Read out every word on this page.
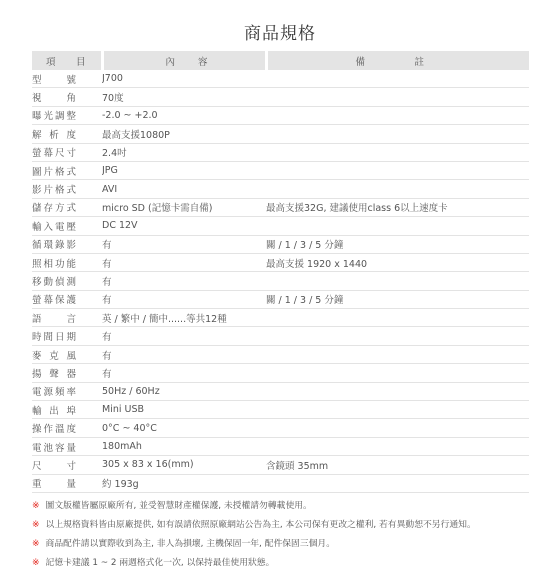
商品規格
項 目	內 容	備 註

型號	J700	
視角	70度	
曝光調整	-2.0 ~ +2.0	
解析度	最高支援1080P	
螢幕尺寸	2.4吋	
圖片格式	JPG	
影片格式	AVI	
儲存方式	micro SD (記憶卡需自備)	最高支援32G, 建議使用class 6以上速度卡
輸入電壓	DC 12V	
循環錄影	有	關 / 1 / 3 / 5 分鐘
照相功能	有	最高支援 1920 x 1440
移動偵測	有	
螢幕保護	有	關 / 1 / 3 / 5 分鐘
語言	英 / 繁中 / 簡中......等共12種	
時間日期	有	
麥克風	有	
揚聲器	有	
電源頻率	50Hz / 60Hz	
輸出埠	Mini USB	
操作溫度	0°C ~ 40°C	
電池容量	180mAh	
尺寸	305 x 83 x 16(mm)	含鏡頭 35mm
重量	約 193g	
※ 圖文版權皆屬原廠所有, 並受智慧財產權保護, 未授權請勿轉載使用。
※ 以上規格資料皆由原廠提供, 如有誤請依照原廠網站公告為主, 本公司保有更改之權利, 若有異動恕不另行通知。
※ 商品配件請以實際收到為主, 非人為損壞, 主機保固一年, 配件保固三個月。
※ 記憶卡建議 1 ~ 2 兩週格式化一次, 以保持最佳使用狀態。
